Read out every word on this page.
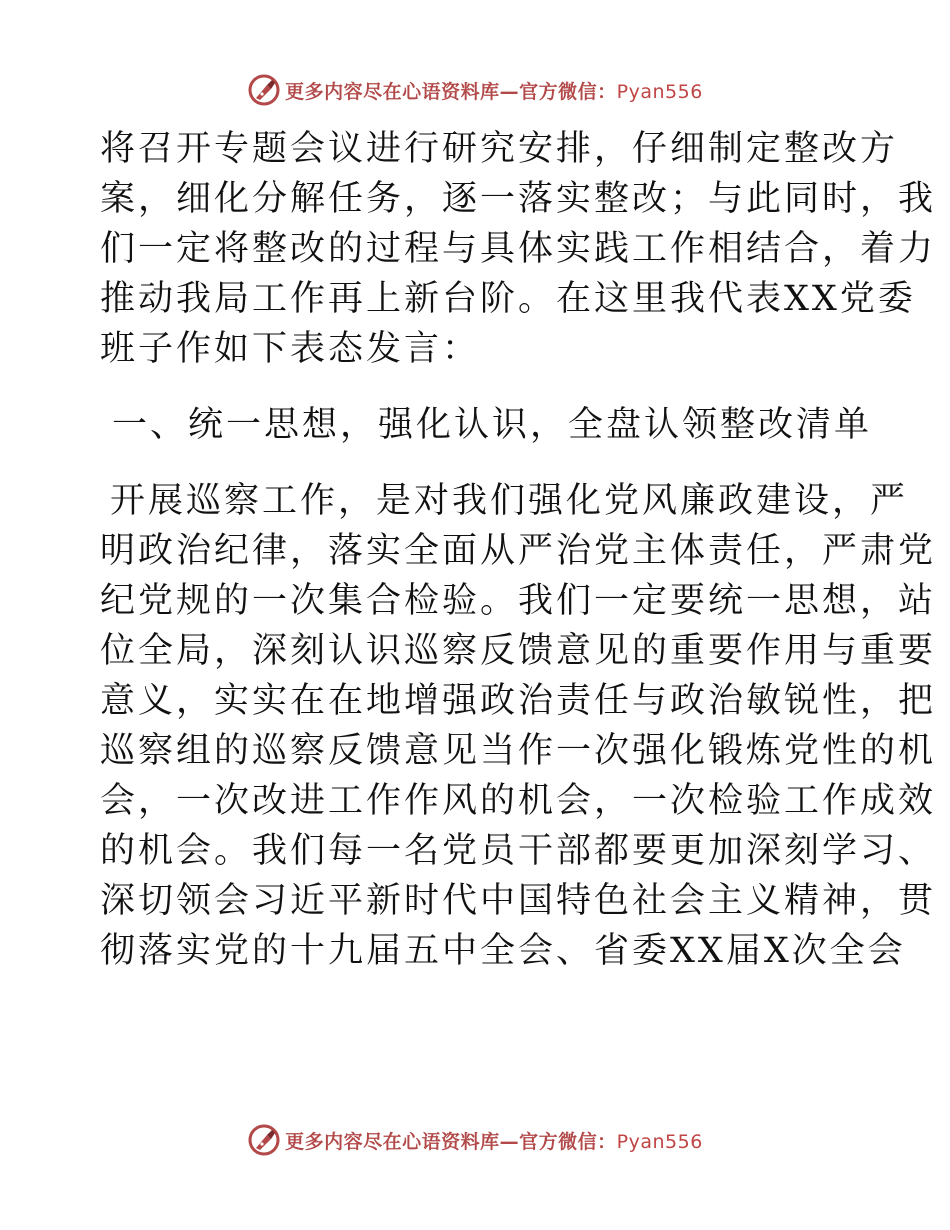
更多内容尽在心语资料库—官方微信：Pyan556
将召开专题会议进行研究安排，仔细制定整改方
案，细化分解任务，逐一落实整改；与此同时，我
们一定将整改的过程与具体实践工作相结合，着力
推动我局工作再上新台阶。在这里我代表XX党委
班子作如下表态发言：
一、统一思想，强化认识，全盘认领整改清单
开展巡察工作，是对我们强化党风廉政建设，严
明政治纪律，落实全面从严治党主体责任，严肃党
纪党规的一次集合检验。我们一定要统一思想，站
位全局，深刻认识巡察反馈意见的重要作用与重要
意义，实实在在地增强政治责任与政治敏锐性，把
巡察组的巡察反馈意见当作一次强化锻炼党性的机
会，一次改进工作作风的机会，一次检验工作成效
的机会。我们每一名党员干部都要更加深刻学习、
深切领会习近平新时代中国特色社会主义精神，贯
彻落实党的十九届五中全会、省委XX届X次全会
更多内容尽在心语资料库—官方微信：Pyan556
